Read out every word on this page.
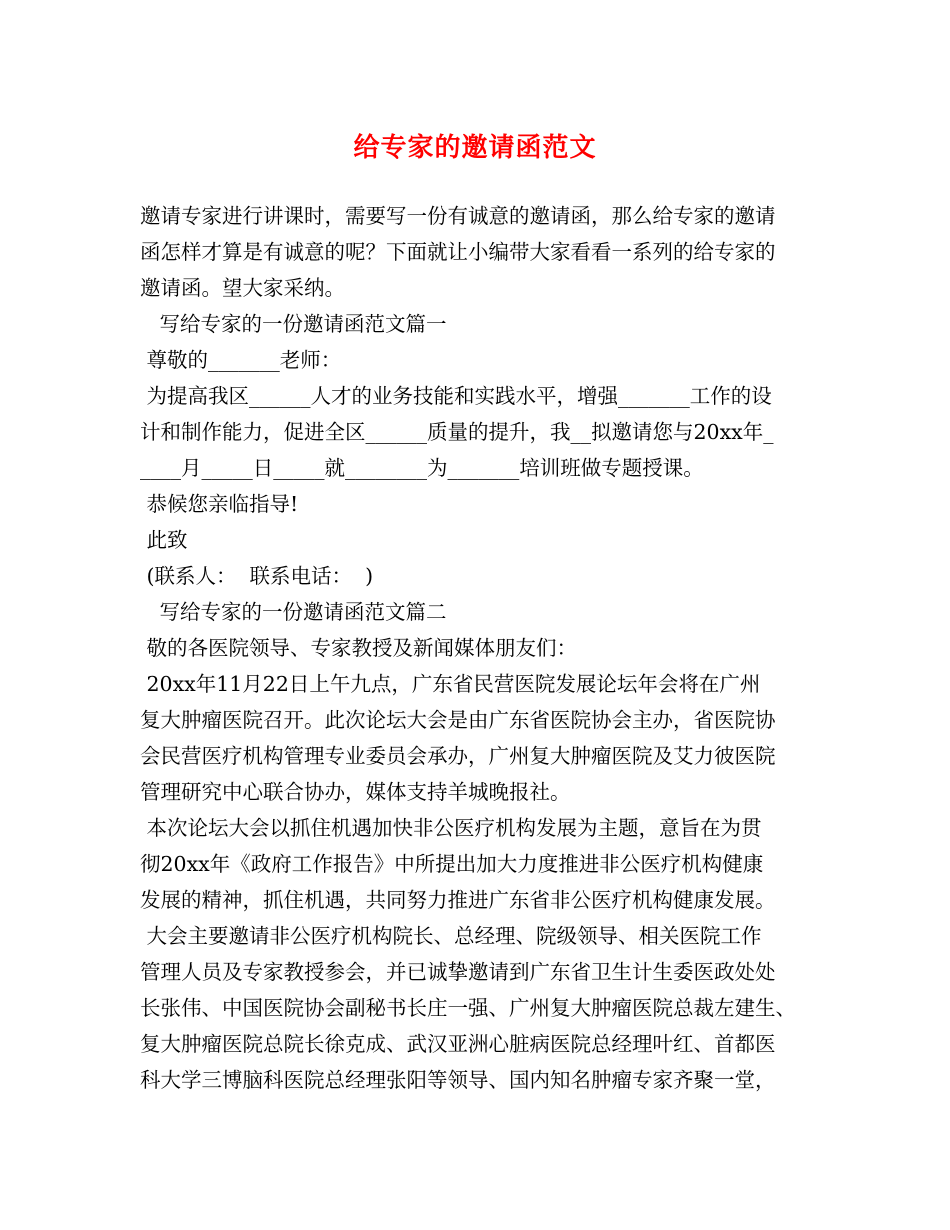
给专家的邀请函范文
邀请专家进行讲课时，需要写一份有诚意的邀请函，那么给专家的邀请
函怎样才算是有诚意的呢？下面就让小编带大家看看一系列的给专家的
邀请函。望大家采纳。
写给专家的一份邀请函范文篇一
尊敬的_______老师：
为提高我区______人才的业务技能和实践水平，增强_______工作的设
计和制作能力，促进全区______质量的提升，我__拟邀请您与20xx年_
____月_____日_____就________为_______培训班做专题授课。
恭候您亲临指导!
此致
(联系人：  联系电话：  )
写给专家的一份邀请函范文篇二
敬的各医院领导、专家教授及新闻媒体朋友们：
20xx年11月22日上午九点，广东省民营医院发展论坛年会将在广州
复大肿瘤医院召开。此次论坛大会是由广东省医院协会主办，省医院协
会民营医疗机构管理专业委员会承办，广州复大肿瘤医院及艾力彼医院
管理研究中心联合协办，媒体支持羊城晚报社。
本次论坛大会以抓住机遇加快非公医疗机构发展为主题，意旨在为贯
彻20xx年《政府工作报告》中所提出加大力度推进非公医疗机构健康
发展的精神，抓住机遇，共同努力推进广东省非公医疗机构健康发展。
大会主要邀请非公医疗机构院长、总经理、院级领导、相关医院工作
管理人员及专家教授参会，并已诚挚邀请到广东省卫生计生委医政处处
长张伟、中国医院协会副秘书长庄一强、广州复大肿瘤医院总裁左建生、
复大肿瘤医院总院长徐克成、武汉亚洲心脏病医院总经理叶红、首都医
科大学三博脑科医院总经理张阳等领导、国内知名肿瘤专家齐聚一堂，
